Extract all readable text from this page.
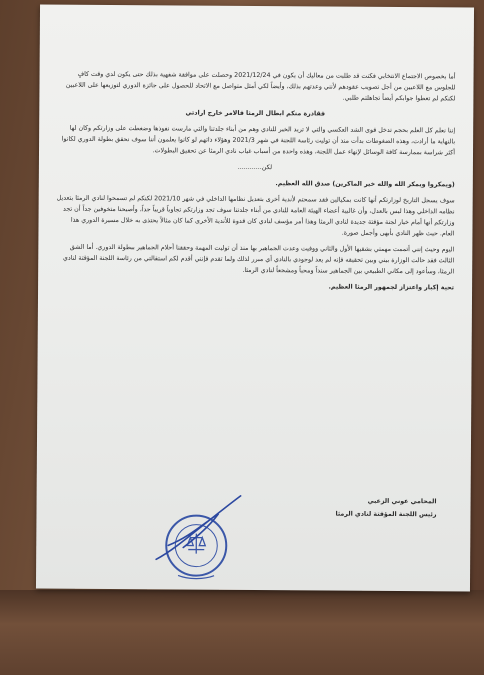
أما بخصوص الاجتماع الانتخابي فكنت قد طلبت من معاليك أن يكون في 2021/12/24 وحصلت على موافقة شفهية بذلك حتى يكون لدي وقت كافٍ للجلوس مع اللاعبين من أجل تصويب عقودهم لأنني وعدتهم بذلك، وأيضاً لكي أمثل متواصل مع الاتحاد للحصول على جائزة الدوري لتوزيعها على اللاعبين لكنكم لم تعطوا جوابكم أيضاً تجاهلتم طلبي.

فقادرة منكم ابطال الرمثا قالامر خارج ارادتي

إننا نعلم كل العلم بحجم تدخل قوى الشد العكسي والتي لا تريد الخير للنادي وهم من أبناء جلدتنا والتي مارست نفوذها وضغطت على وزارتكم وكان لها بالنهاية ما أرادت، وهذه الضغوطات بدأت منذ أن توليت رئاسة اللجنة في شهر 2021/3 وهؤلاء ذاتهم لو كانوا يعلمون أننا سوف نحقق بطولة الدوري لكانوا أكثر شراسة بممارسة كافة الوسائل لإنهاء عمل اللجنة، وهذه واحدة من أسباب غياب نادي الرمثا عن تحقيق البطولات.

لكن............

(ويمكروا ويمكر الله والله خير الماكرين) صدق الله العظيم.

سوف يسجل التاريخ لوزارتكم أنها كانت بمكيالين فقد سمحتم لأندية أخرى بتعديل نظامها الداخلي في شهر 2021/10 لكنكم لم تسمحوا لنادي الرمثا بتعديل نظامه الداخلي وهذا ليس بالعدل، وأن غالبية أعضاء الهيئة العامة للنادي من أبناء جلدتنا سوف تجد وزارتكم تجاوباً قريباً جداً، وأصبحنا متخوفين جداً أن تجد وزارتكم أنها أمام خيار لجنة مؤقتة جديدة لنادي الرمثا وهذا أمر مؤسف لنادي كان قدوة للأندية الأخرى كما كان مثالاً يحتذى به خلال مسيرة الدوري هذا العام. حيث ظهر النادي بأبهى وأجمل صورة.

اليوم وحيث إنني أتممت مهمتي بشقيها الأول والثاني ووفيت وعدت الجماهير بها منذ أن توليت المهمة وحققنا أحلام الجماهير ببطولة الدوري. أما الشق الثالث فقد حالت الوزارة بيني وبين تحقيقه فإنه لم يعد لوجودي بالنادي أي مبرر لذلك ولما تقدم فإنني أقدم لكم استقالتي من رئاسة اللجنة المؤقتة لنادي الرمثا، وسأعود إلى مكاني الطبيعي بين الجماهير سنداً ومحباً ومشجعاً لنادي الرمثا.

تحية إكبار واعتزاز لجمهور الرمثا العظيم.

المحامي عوني الزعبي
رئيس اللجنة المؤقتة لنادي الرمثا
